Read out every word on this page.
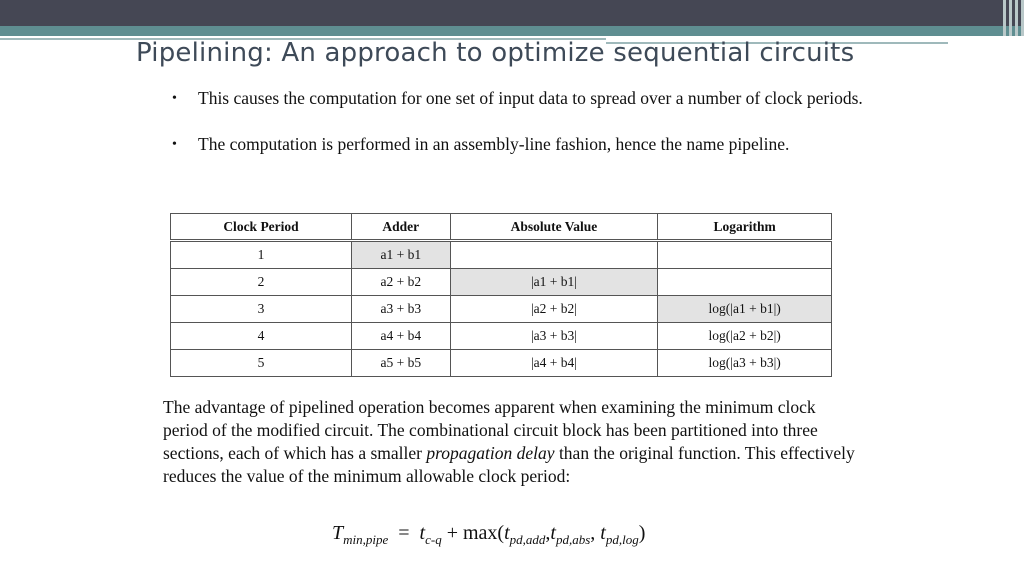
Pipelining: An approach to optimize sequential circuits
• This causes the computation for one set of input data to spread over a number of clock periods.
• The computation is performed in an assembly-line fashion, hence the name pipeline.
Clock Period	Adder	Absolute Value	Logarithm
1	a1 + b1		
2	a2 + b2	|a1 + b1|	
3	a3 + b3	|a2 + b2|	log(|a1 + b1|)
4	a4 + b4	|a3 + b3|	log(|a2 + b2|)
5	a5 + b5	|a4 + b4|	log(|a3 + b3|)

The advantage of pipelined operation becomes apparent when examining the minimum clock period of the modified circuit. The combinational circuit block has been partitioned into three sections, each of which has a smaller propagation delay than the original function. This effectively reduces the value of the minimum allowable clock period:

$T_{min,pipe} = t_{c-q} + \max(t_{pd,add},t_{pd,abs}$, $t_{pd,log}$)
